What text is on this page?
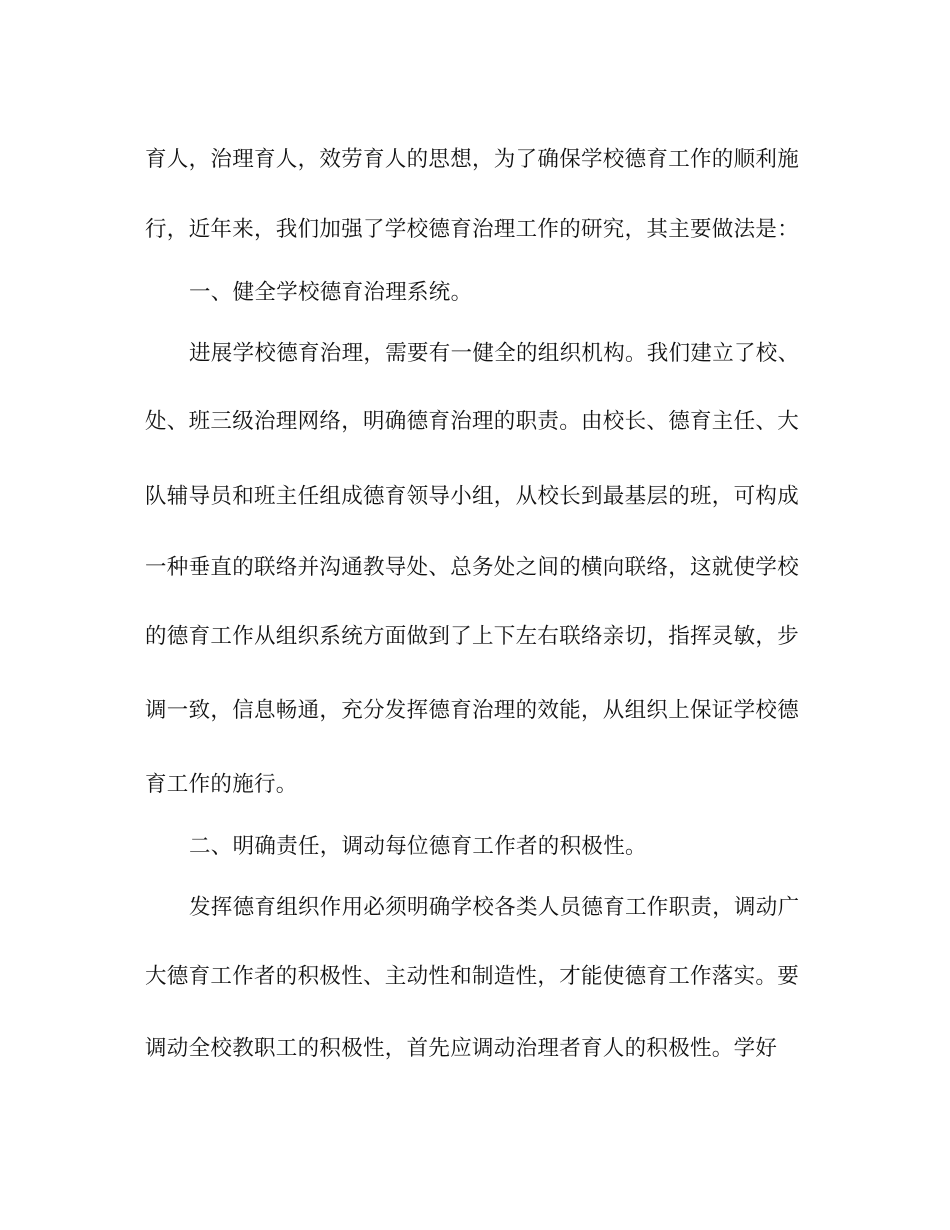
育人，治理育人，效劳育人的思想，为了确保学校德育工作的顺利施
行，近年来，我们加强了学校德育治理工作的研究，其主要做法是：
一、健全学校德育治理系统。
进展学校德育治理，需要有一健全的组织机构。我们建立了校、
处、班三级治理网络，明确德育治理的职责。由校长、德育主任、大
队辅导员和班主任组成德育领导小组，从校长到最基层的班，可构成
一种垂直的联络并沟通教导处、总务处之间的横向联络，这就使学校
的德育工作从组织系统方面做到了上下左右联络亲切，指挥灵敏，步
调一致，信息畅通，充分发挥德育治理的效能，从组织上保证学校德
育工作的施行。
二、明确责任，调动每位德育工作者的积极性。
发挥德育组织作用必须明确学校各类人员德育工作职责，调动广
大德育工作者的积极性、主动性和制造性，才能使德育工作落实。要
调动全校教职工的积极性，首先应调动治理者育人的积极性。学好
